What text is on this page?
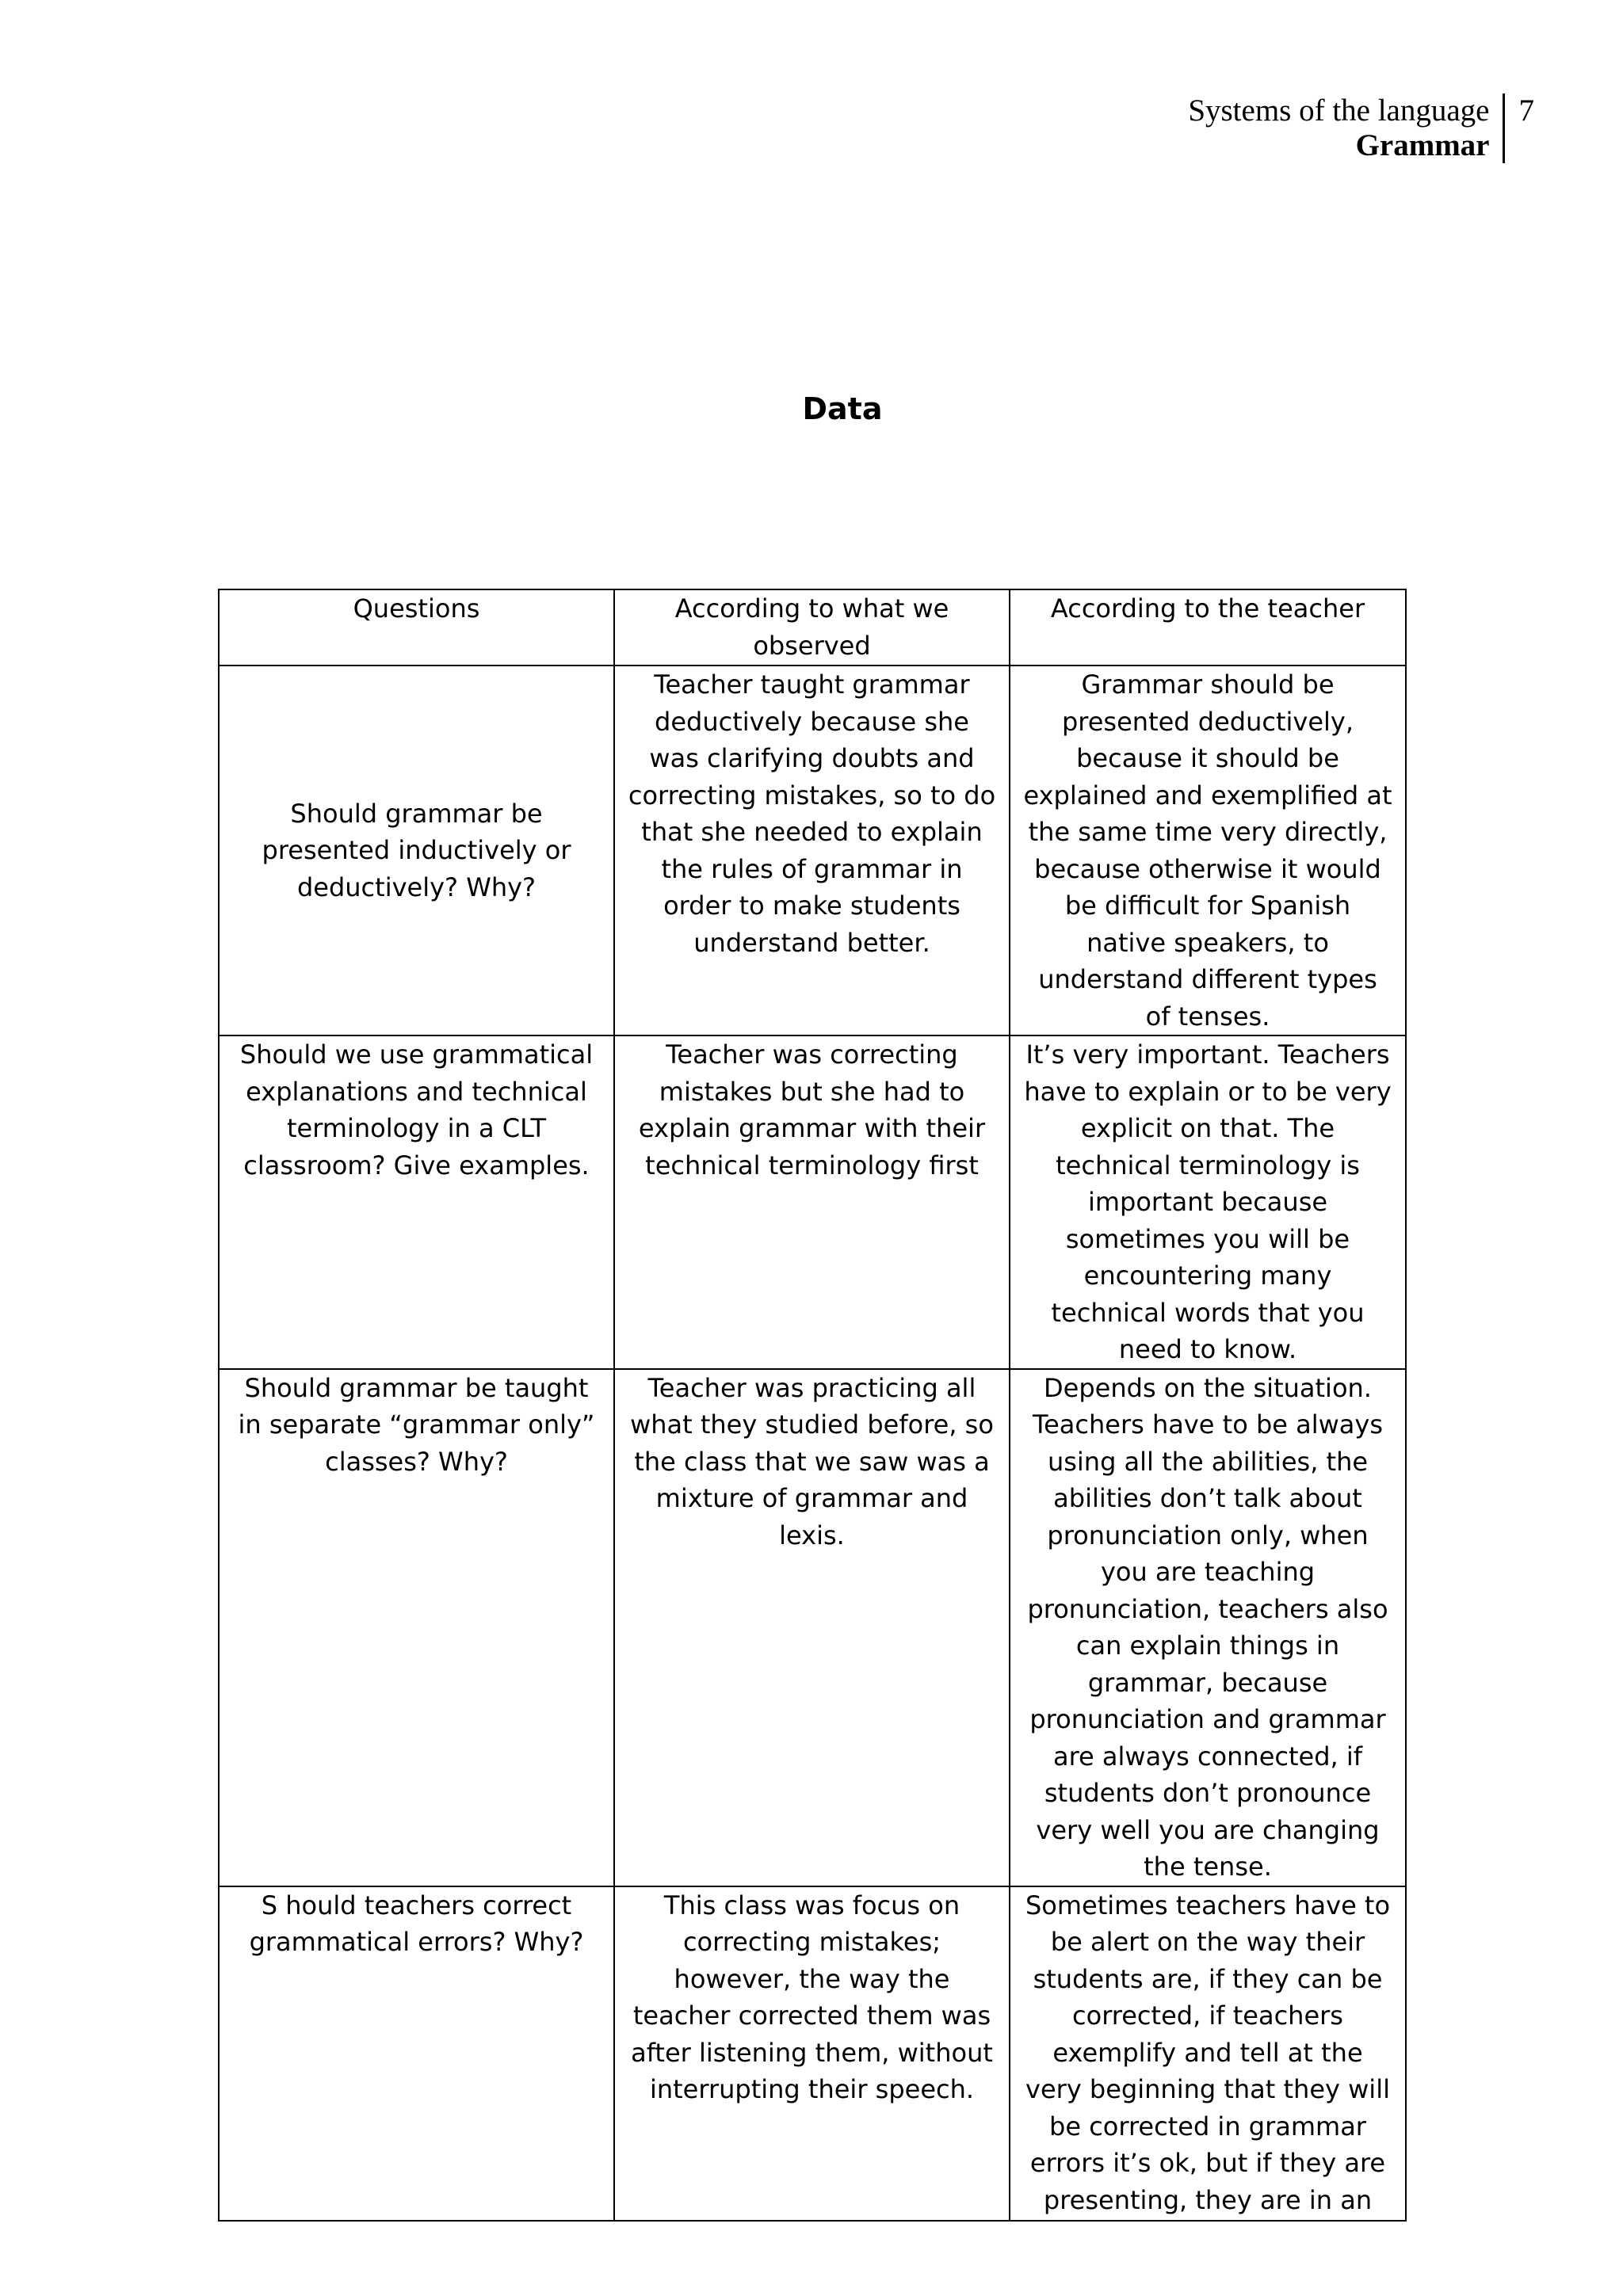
Systems of the language
Grammar
7
Data
Questions	According to what we observed	According to the teacher
Should grammar be presented inductively or deductively? Why?	Teacher taught grammar deductively because she was clarifying doubts and correcting mistakes, so to do that she needed to explain the rules of grammar in order to make students understand better.	Grammar should be presented deductively, because it should be explained and exemplified at the same time very directly, because otherwise it would be difficult for Spanish native speakers, to understand different types of tenses.
Should we use grammatical explanations and technical terminology in a CLT classroom? Give examples.	Teacher was correcting mistakes but she had to explain grammar with their technical terminology first	It’s very important. Teachers have to explain or to be very explicit on that. The technical terminology is important because sometimes you will be encountering many technical words that you need to know.
Should grammar be taught in separate “grammar only” classes? Why?	Teacher was practicing all what they studied before, so the class that we saw was a mixture of grammar and lexis.	Depends on the situation. Teachers have to be always using all the abilities, the abilities don’t talk about pronunciation only, when you are teaching pronunciation, teachers also can explain things in grammar, because pronunciation and grammar are always connected, if students don’t pronounce very well you are changing the tense.
S hould teachers correct grammatical errors? Why?	This class was focus on correcting mistakes; however, the way the teacher corrected them was after listening them, without interrupting their speech.	Sometimes teachers have to be alert on the way their students are, if they can be corrected, if teachers exemplify and tell at the very beginning that they will be corrected in grammar errors it’s ok, but if they are presenting, they are in an
